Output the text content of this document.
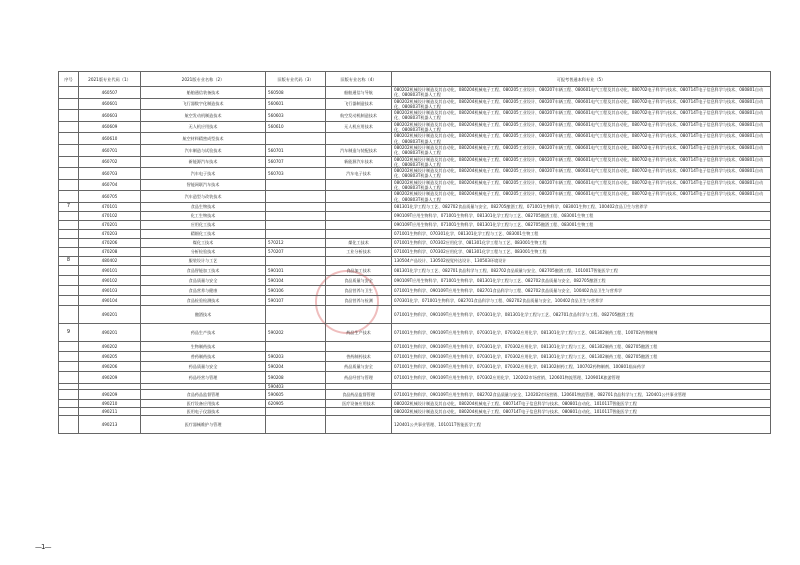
序号	2021版专业代码（1）	2021版专业名称（2）	旧版专业代码（3）	旧版专业名称（4）	可报考普通本科专业（5）
	460507	船舶通信装备技术	560508	船舶通信与导航	080202机械设计制造及其自动化、080204机械电子工程、080205工业设计、080207车辆工程、080601电气工程及其自动化、080702电子科学与技术、080714T电子信息科学与技术、080801自动化、080803T机器人工程
	460601	飞行器数字化制造技术	560601	飞行器制造技术	080202机械设计制造及其自动化、080204机械电子工程、080205工业设计、080207车辆工程、080601电气工程及其自动化、080702电子科学与技术、080714T电子信息科学与技术、080801自动化、080803T机器人工程
	460603	航空发动机制造技术	560603	航空发动机制造技术	080202机械设计制造及其自动化、080204机械电子工程、080205工业设计、080207车辆工程、080601电气工程及其自动化、080702电子科学与技术、080714T电子信息科学与技术、080801自动化、080803T机器人工程
	460609	无人机应用技术	560610	无人机应用技术	080202机械设计制造及其自动化、080204机械电子工程、080205工业设计、080207车辆工程、080601电气工程及其自动化、080702电子科学与技术、080714T电子信息科学与技术、080801自动化、080803T机器人工程
	460610	航空材料精密成型技术			080202机械设计制造及其自动化、080204机械电子工程、080205工业设计、080207车辆工程、080601电气工程及其自动化、080702电子科学与技术、080714T电子信息科学与技术、080801自动化、080803T机器人工程
	460701	汽车制造与试验技术	560701	汽车制造与装配技术	080202机械设计制造及其自动化、080204机械电子工程、080205工业设计、080207车辆工程、080601电气工程及其自动化、080702电子科学与技术、080714T电子信息科学与技术、080801自动化、080803T机器人工程
	460702	新能源汽车技术	560707	新能源汽车技术	080202机械设计制造及其自动化、080204机械电子工程、080205工业设计、080207车辆工程、080601电气工程及其自动化、080702电子科学与技术、080714T电子信息科学与技术、080801自动化、080803T机器人工程
	460703	汽车电子技术	560703	汽车电子技术	080202机械设计制造及其自动化、080204机械电子工程、080205工业设计、080207车辆工程、080601电气工程及其自动化、080702电子科学与技术、080714T电子信息科学与技术、080801自动化、080803T机器人工程
	460704	智能网联汽车技术			080202机械设计制造及其自动化、080204机械电子工程、080205工业设计、080207车辆工程、080601电气工程及其自动化、080702电子科学与技术、080714T电子信息科学与技术、080801自动化、080803T机器人工程
	460705	汽车造型与改装技术			080202机械设计制造及其自动化、080204机械电子工程、080205工业设计、080207车辆工程、080601电气工程及其自动化、080702电子科学与技术、080714T电子信息科学与技术、080801自动化、080803T机器人工程
7	470101	食品生物技术			081301化学工程与工艺、082702食品质量与安全、082705酿酒工程、071001生物科学、083001生物工程、100402食品卫生与营养学
	470102	化工生物技术			090109T应用生物科学、071001生物科学、081301化学工程与工艺、082705酿酒工程、083001生物工程
	470201	应用化工技术			090109T应用生物科学、071001生物科学、081301化学工程与工艺、082705酿酒工程、083001生物工程
	470203	精细化工技术			071001生物科学、070301化学、081301化学工程与工艺、083001生物工程
	470206	煤化工技术	570212	煤化工技术	071001生物科学、070302应用化学、081301化学工程与工艺、083001生物工程
	470208	分析检验技术	570207	工业分析技术	071001生物科学、070302应用化学、081301化学工程与工艺、083001生物工程
8	480402	服装设计与工艺			130504产品设计、130502视觉传达设计、130503环境设计
	490101	食品智能加工技术	590101	食品加工技术	081301化学工程与工艺、082701食品科学与工程、082702食品质量与安全、082705酿酒工程、101001T智能医学工程
	490102	食品质量与安全	590104	食品质量与安全	090109T应用生物科学、071001生物科学、081301化学工程与工艺、082702食品质量与安全、082705酿酒工程
	490103	食品营养与健康	590106	食品营养与卫生	071001生物科学、090109T应用生物科学、082701食品科学与工程、082702食品质量与安全、100402食品卫生与营养学
	490104	食品检验检测技术	590107	食品营养与检测	070301化学、071001生物科学、082701食品科学与工程、082702食品质量与安全、100402食品卫生与营养学
	490201	酿酒技术			071001生物科学、090109T应用生物科学、070301化学、081301化学工程与工艺、082701食品科学与工程、082705酿酒工程
9	490201	药品生产技术	590202	药品生产技术	071001生物科学、090109T应用生物科学、070301化学、070302应用化学、081301化学工程与工艺、081302制药工程、100702药物制剂
	490202	生物制药技术			071001生物科学、090109T应用生物科学、070301化学、070302应用化学、081301化学工程与工艺、081302制药工程、082705酿酒工程
	490205	兽药制药技术	590203	兽药制药技术	071001生物科学、090109T应用生物科学、070301化学、070302应用化学、081301化学工程与工艺、081302制药工程、082705酿酒工程
	490206	药品质量与安全	590204	药品质量与安全	071001生物科学、090109T应用生物科学、070301化学、070302应用化学、081302制药工程、100702药物制剂、100801临床药学
	490209	药品经营与管理	590208	药品经营与管理	071001生物科学、090109T应用生物科学、070302应用化学、120202市场营销、120601物流管理、120901K旅游管理
			590403		
	490209	食品药品监督管理	590605	食品药品监督管理	071001生物科学、090109T应用生物科学、082702食品质量与安全、120202市场营销、120601物流管理、082701食品科学与工程、120401公共事业管理
	490210	医疗设备应用技术	620905	医疗设备应用技术	080202机械设计制造及其自动化、080204机械电子工程、080714T电子信息科学与技术、080801自动化、101011T智能医学工程
	490211	医用电子仪器技术			080202机械设计制造及其自动化、080204机械电子工程、080714T电子信息科学与技术、080801自动化、101011T智能医学工程
	490213	医疗器械维护与管理			120401公共事业管理、101011T智能医学工程
—1—
